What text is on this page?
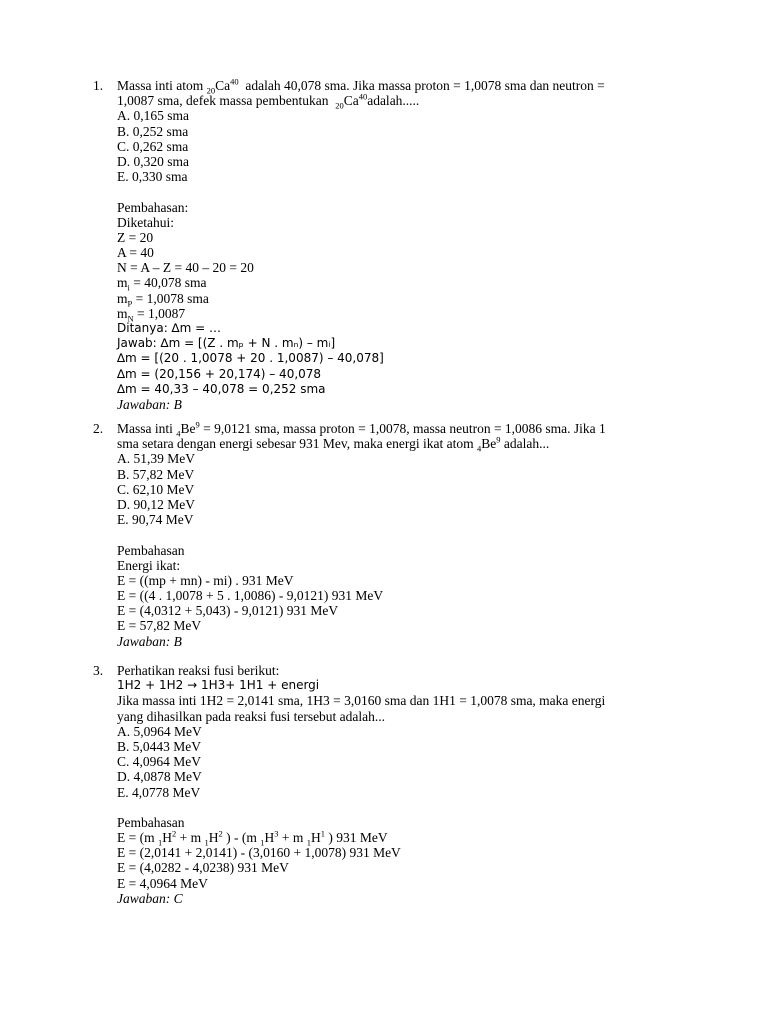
1.	Massa inti atom $_{20}Ca^{40}$  adalah 40,078 sma. Jika massa proton = 1,0078 sma dan neutron =
1,0087 sma, defek massa pembentukan  $_{20}Ca^{40}adalah$.....
A. 0,165 sma
B. 0,252 sma
C. 0,262 sma
D. 0,320 sma
E. 0,330 sma
Pembahasan:
Diketahui:
Z = 20
A = 40
N = A – Z = 40 – 20 = 20
$m_i = 40,078$ sma
$m_P = 1,0078$ sma
$m_N = 1,0087$
Ditanya: ∆m = …
Jawab: ∆m = [(Z . mₚ + N . mₙ) – mᵢ]
∆m = [(20 . 1,0078 + 20 . 1,0087) – 40,078]
∆m = (20,156 + 20,174) – 40,078
∆m = 40,33 – 40,078 = 0,252 sma
Jawaban: B
2.	Massa inti $_4Be^9 = 9,0121$ sma, massa proton = 1,0078, massa neutron = 1,0086 sma. Jika 1
sma setara dengan energi sebesar 931 Mev, maka energi ikat atom $_4Be^9$ adalah...
A. 51,39 MeV
B. 57,82 MeV
C. 62,10 MeV
D. 90,12 MeV
E. 90,74 MeV
Pembahasan
Energi ikat:
E = ((mp + mn) - mi) . 931 MeV
E = ((4 . 1,0078 + 5 . 1,0086) - 9,0121) 931 MeV
E = (4,0312 + 5,043) - 9,0121) 931 MeV
E = 57,82 MeV
Jawaban: B
3.	Perhatikan reaksi fusi berikut:
1H2 + 1H2 → 1H3+ 1H1 + energi
Jika massa inti 1H2 = 2,0141 sma, 1H3 = 3,0160 sma dan 1H1 = 1,0078 sma, maka energi
yang dihasilkan pada reaksi fusi tersebut adalah...
A. 5,0964 MeV
B. 5,0443 MeV
C. 4,0964 MeV
D. 4,0878 MeV
E. 4,0778 MeV
Pembahasan
E = (m $_1H^2 + m$ $_1H^2$ ) - (m $_1H^3 + m$ $_1H^1$ ) 931 MeV
E = (2,0141 + 2,0141) - (3,0160 + 1,0078) 931 MeV
E = (4,0282 - 4,0238) 931 MeV
E = 4,0964 MeV
Jawaban: C
